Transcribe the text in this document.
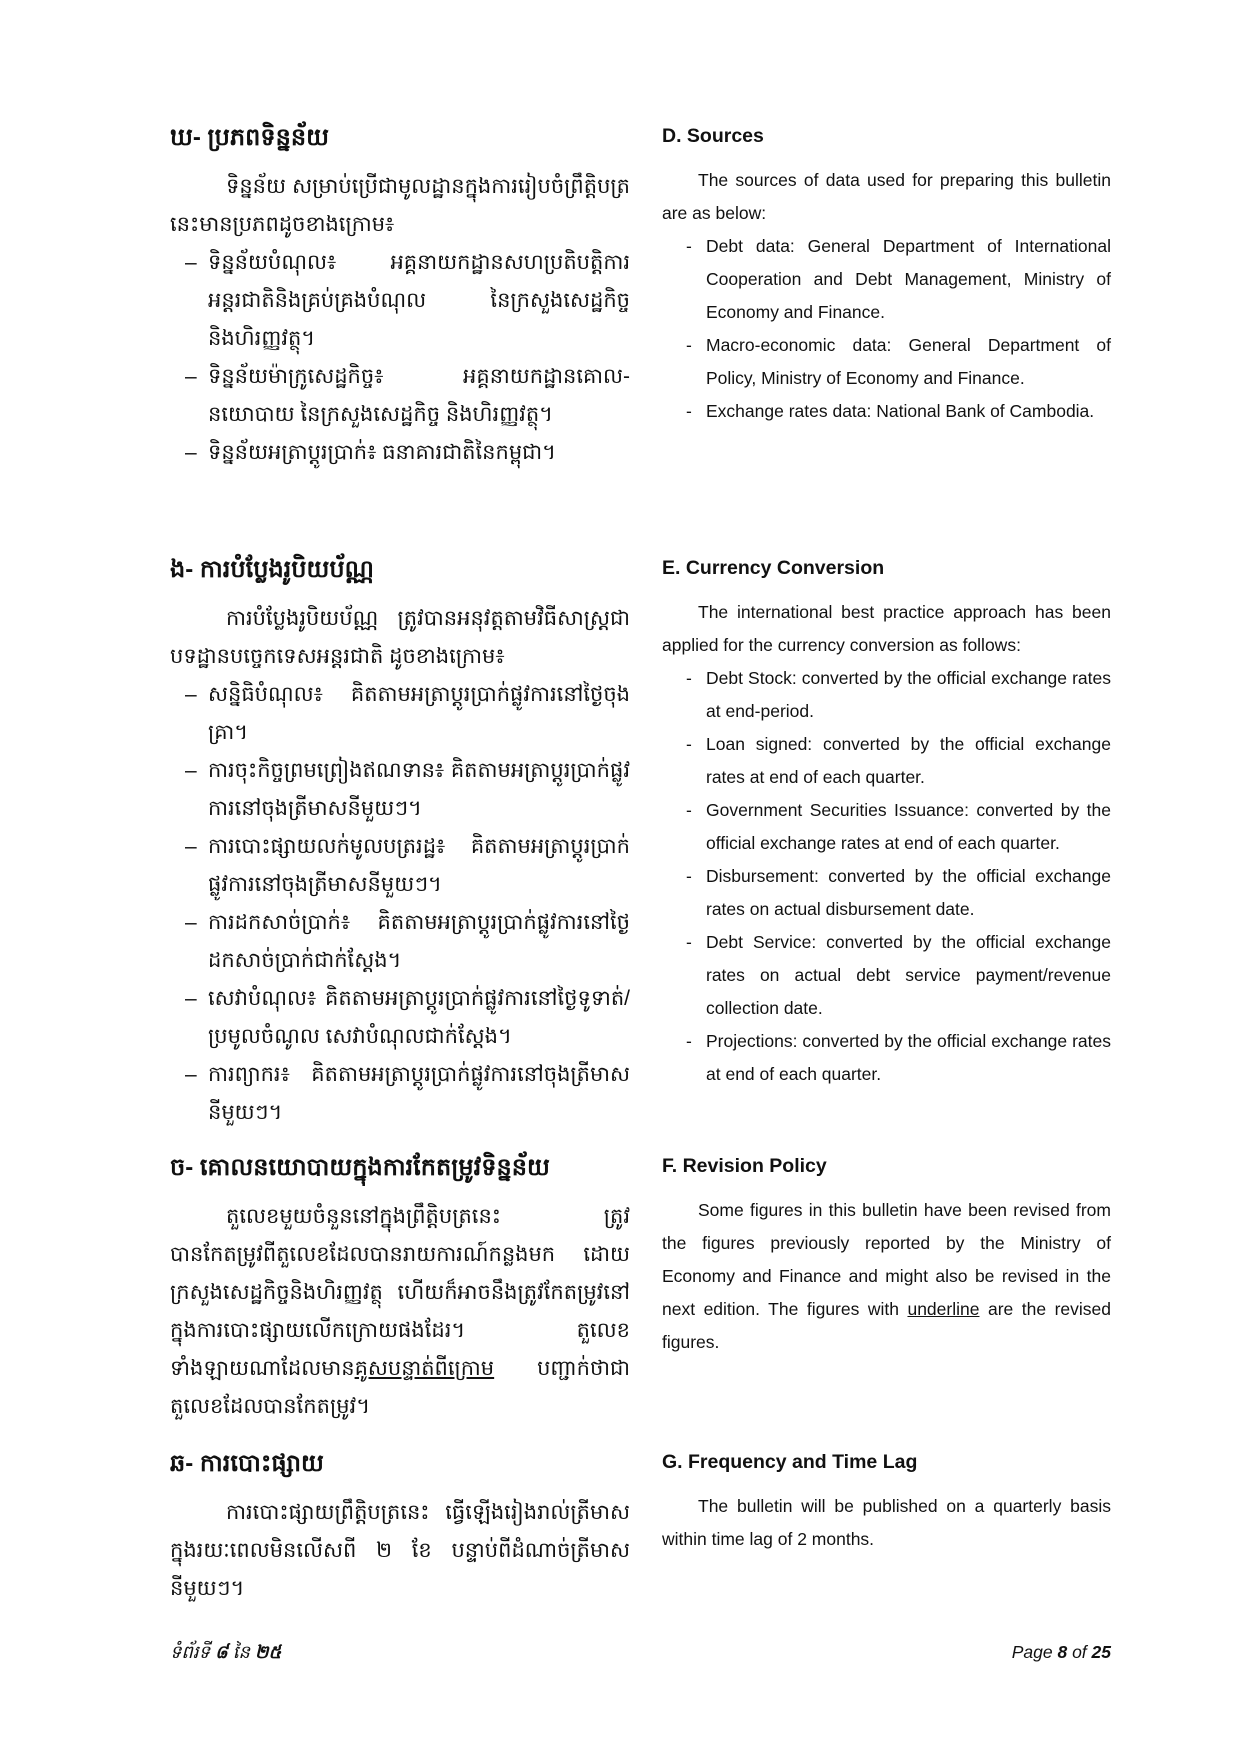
ឃ- ប្រភពទិន្នន័យ

ទិន្នន័យ សម្រាប់ប្រើជាមូលដ្ឋានក្នុងការរៀបចំព្រឹត្តិបត្រនេះមានប្រភពដូចខាងក្រោម៖

– ទិន្នន័យបំណុល៖ អគ្គនាយកដ្ឋានសហប្រតិបត្តិការអន្តរជាតិនិងគ្រប់គ្រងបំណុល នៃក្រសួងសេដ្ឋកិច្ចនិងហិរញ្ញវត្ថុ។
– ទិន្នន័យម៉ាក្រូសេដ្ឋកិច្ច៖ អគ្គនាយកដ្ឋានគោល-នយោបាយ នៃក្រសួងសេដ្ឋកិច្ច និងហិរញ្ញវត្ថុ។
– ទិន្នន័យអត្រាប្តូរប្រាក់៖ ធនាគារជាតិនៃកម្ពុជា។
D. Sources

The sources of data used for preparing this bulletin are as below:

- Debt data: General Department of International Cooperation and Debt Management, Ministry of Economy and Finance.
- Macro-economic data: General Department of Policy, Ministry of Economy and Finance.
- Exchange rates data: National Bank of Cambodia.
ង- ការបំប្លែងរូបិយប័ណ្ណ

ការបំប្លែងរូបិយប័ណ្ណ ត្រូវបានអនុវត្តតាមវិធីសាស្ត្រជាបទដ្ឋានបច្ចេកទេសអន្តរជាតិ ដូចខាងក្រោម៖

– សន្និធិបំណុល៖ គិតតាមអត្រាប្តូរប្រាក់ផ្លូវការនៅថ្ងៃចុងគ្រា។
– ការចុះកិច្ចព្រមព្រៀងឥណទាន៖ គិតតាមអត្រាប្តូរប្រាក់ផ្លូវការនៅចុងត្រីមាសនីមួយៗ។
– ការបោះផ្សាយលក់មូលបត្ររដ្ឋ៖ គិតតាមអត្រាប្តូរប្រាក់ផ្លូវការនៅចុងត្រីមាសនីមួយៗ។
– ការដកសាច់ប្រាក់៖ គិតតាមអត្រាប្តូរប្រាក់ផ្លូវការនៅថ្ងៃដកសាច់ប្រាក់ជាក់ស្តែង។
– សេវាបំណុល៖ គិតតាមអត្រាប្តូរប្រាក់ផ្លូវការនៅថ្ងៃទូទាត់/ប្រមូលចំណូល សេវាបំណុលជាក់ស្តែង។
– ការព្យាករ៖ គិតតាមអត្រាប្តូរប្រាក់ផ្លូវការនៅចុងត្រីមាសនីមួយៗ។
E. Currency Conversion

The international best practice approach has been applied for the currency conversion as follows:

- Debt Stock: converted by the official exchange rates at end-period.
- Loan signed: converted by the official exchange rates at end of each quarter.
- Government Securities Issuance: converted by the official exchange rates at end of each quarter.
- Disbursement: converted by the official exchange rates on actual disbursement date.
- Debt Service: converted by the official exchange rates on actual debt service payment/revenue collection date.
- Projections: converted by the official exchange rates at end of each quarter.
ច- គោលនយោបាយក្នុងការកែតម្រូវទិន្នន័យ

តួលេខមួយចំនួននៅក្នុងព្រឹត្តិបត្រនេះ ត្រូវបានកែតម្រូវពីតួលេខដែលបានរាយការណ៍កន្លងមក ដោយក្រសួងសេដ្ឋកិច្ចនិងហិរញ្ញវត្ថុ ហើយក៏អាចនឹងត្រូវកែតម្រូវនៅក្នុងការបោះផ្សាយលើកក្រោយផងដែរ។ តួលេខទាំងឡាយណាដែលមានគូសបន្ទាត់ពីក្រោម បញ្ជាក់ថាជាតួលេខដែលបានកែតម្រូវ។

F. Revision Policy

Some figures in this bulletin have been revised from the figures previously reported by the Ministry of Economy and Finance and might also be revised in the next edition. The figures with underline are the revised figures.

ឆ- ការបោះផ្សាយ

ការបោះផ្សាយព្រឹត្តិបត្រនេះ ធ្វើឡើងរៀងរាល់ត្រីមាស ក្នុងរយៈពេលមិនលើសពី ២ ខែ បន្ទាប់ពីដំណាច់ត្រីមាសនីមួយៗ។

G. Frequency and Time Lag

The bulletin will be published on a quarterly basis within time lag of 2 months.

ទំព័រទី ៨ នៃ ២៥	Page 8 of 25
